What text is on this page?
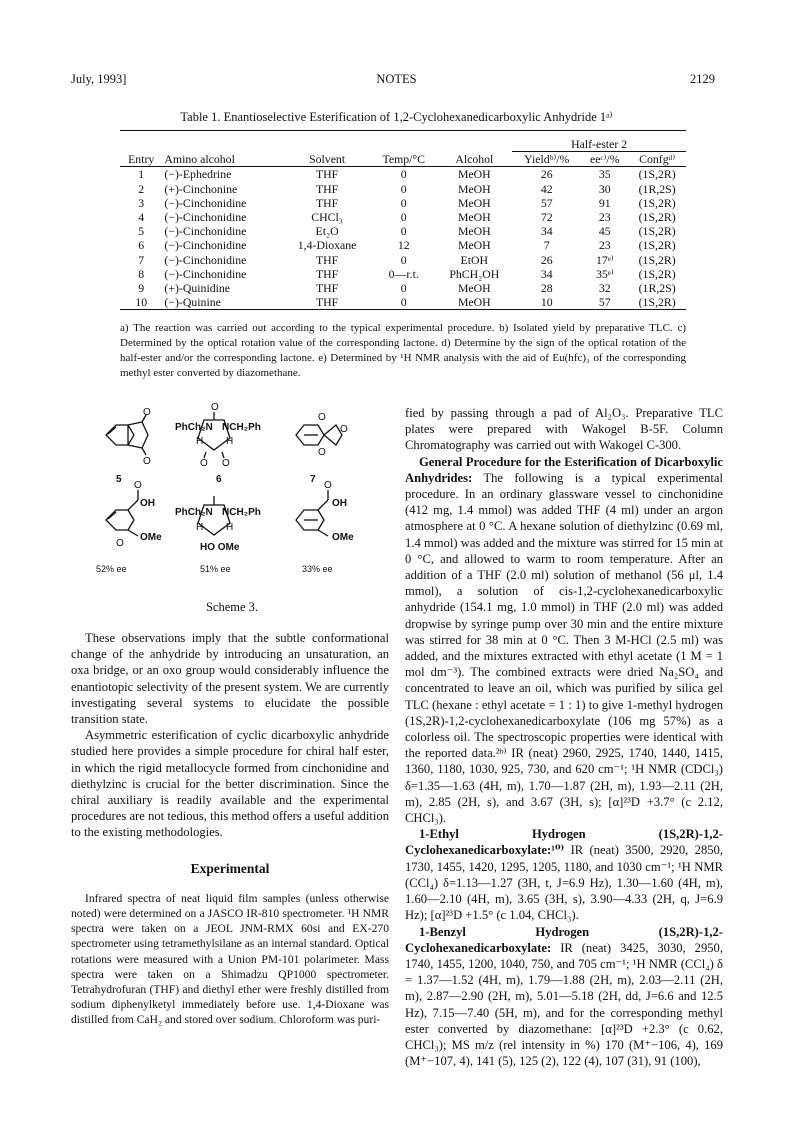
July, 1993]	NOTES	2129
Table 1. Enantioselective Esterification of 1,2-Cyclohexanedicarboxylic Anhydride 1ᵃ⁾

					Half-ester 2		
Entry	Amino alcohol	Solvent	Temp/°C	Alcohol	Yieldᵇ⁾/%	eeᶜ⁾/%	Confgᵈ⁾
1	(−)-Ephedrine	THF	0	MeOH	26	35	(1S,2R)
2	(+)-Cinchonine	THF	0	MeOH	42	30	(1R,2S)
3	(−)-Cinchonidine	THF	0	MeOH	57	91	(1S,2R)
4	(−)-Cinchonidine	CHCl₃	0	MeOH	72	23	(1S,2R)
5	(−)-Cinchonidine	Et₂O	0	MeOH	34	45	(1S,2R)
6	(−)-Cinchonidine	1,4-Dioxane	12	MeOH	7	23	(1S,2R)
7	(−)-Cinchonidine	THF	0	EtOH	26	17ᵉ⁾	(1S,2R)
8	(−)-Cinchonidine	THF	0—r.t.	PhCH₂OH	34	35ᵉ⁾	(1S,2R)
9	(+)-Quinidine	THF	0	MeOH	28	32	(1R,2S)
10	(−)-Quinine	THF	0	MeOH	10	57	(1S,2R)
a) The reaction was carried out according to the typical experimental procedure. b) Isolated yield by preparative TLC. c) Determined by the optical rotation value of the corresponding lactone. d) Determine by the sign of the optical rotation of the half-ester and/or the corresponding lactone. e) Determined by ¹H NMR analysis with the aid of Eu(hfc)₃ of the corresponding methyl ester converted by diazomethane.
O
O
O
PhCh₂N NCH₂Ph
H H
O O
O
O
O
5	6	7
O
OH
OMe
O
PhCh₂N NCH₂Ph
H H
HO OMe
O
OH
OMe
52% ee	51% ee	33% ee
Scheme 3.

These observations imply that the subtle conformational change of the anhydride by introducing an unsaturation, an oxa bridge, or an oxo group would considerably influence the enantiotopic selectivity of the present system. We are currently investigating several systems to elucidate the possible transition state.

Asymmetric esterification of cyclic dicarboxylic anhydride studied here provides a simple procedure for chiral half ester, in which the rigid metallocycle formed from cinchonidine and diethylzinc is crucial for the better discrimination. Since the chiral auxiliary is readily available and the experimental procedures are not tedious, this method offers a useful addition to the existing methodologies.

Experimental

Infrared spectra of neat liquid film samples (unless otherwise noted) were determined on a JASCO IR-810 spectrometer. ¹H NMR spectra were taken on a JEOL JNM-RMX 60si and EX-270 spectrometer using tetramethylsilane as an internal standard. Optical rotations were measured with a Union PM-101 polarimeter. Mass spectra were taken on a Shimadzu QP1000 spectrometer. Tetrahydrofuran (THF) and diethyl ether were freshly distilled from sodium diphenylketyl immediately before use. 1,4-Dioxane was distilled from CaH₂ and stored over sodium. Chloroform was puri-

fied by passing through a pad of Al₂O₃. Preparative TLC plates were prepared with Wakogel B-5F. Column Chromatography was carried out with Wakogel C-300.

General Procedure for the Esterification of Dicarboxylic Anhydrides: The following is a typical experimental procedure. In an ordinary glassware vessel to cinchonidine (412 mg, 1.4 mmol) was added THF (4 ml) under an argon atmosphere at 0 °C. A hexane solution of diethylzinc (0.69 ml, 1.4 mmol) was added and the mixture was stirred for 15 min at 0 °C, and allowed to warm to room temperature. After an addition of a THF (2.0 ml) solution of methanol (56 μl, 1.4 mmol), a solution of cis-1,2-cyclohexanedicarboxylic anhydride (154.1 mg, 1.0 mmol) in THF (2.0 ml) was added dropwise by syringe pump over 30 min and the entire mixture was stirred for 38 min at 0 °C. Then 3 M-HCl (2.5 ml) was added, and the mixtures extracted with ethyl acetate (1 M = 1 mol dm⁻³). The combined extracts were dried Na₂SO₄ and concentrated to leave an oil, which was purified by silica gel TLC (hexane : ethyl acetate = 1 : 1) to give 1-methyl hydrogen (1S,2R)-1,2-cyclohexanedicarboxylate (106 mg 57%) as a colorless oil. The spectroscopic properties were identical with the reported data.²ᵇ⁾ IR (neat) 2960, 2925, 1740, 1440, 1415, 1360, 1180, 1030, 925, 730, and 620 cm⁻¹; ¹H NMR (CDCl₃) δ=1.35—1.63 (4H, m), 1.70—1.87 (2H, m), 1.93—2.11 (2H, m), 2.85 (2H, s), and 3.67 (3H, s); [α]²³D +3.7° (c 2.12, CHCl₃).

1-Ethyl Hydrogen (1S,2R)-1,2-Cyclohexanedicarboxylate:¹⁰⁾ IR (neat) 3500, 2920, 2850, 1730, 1455, 1420, 1295, 1205, 1180, and 1030 cm⁻¹; ¹H NMR (CCl₄) δ=1.13—1.27 (3H, t, J=6.9 Hz), 1.30—1.60 (4H, m), 1.60—2.10 (4H, m), 3.65 (3H, s), 3.90—4.33 (2H, q, J=6.9 Hz); [α]²³D +1.5° (c 1.04, CHCl₃).

1-Benzyl Hydrogen (1S,2R)-1,2-Cyclohexanedicarboxylate: IR (neat) 3425, 3030, 2950, 1740, 1455, 1200, 1040, 750, and 705 cm⁻¹; ¹H NMR (CCl₄) δ = 1.37—1.52 (4H, m), 1.79—1.88 (2H, m), 2.03—2.11 (2H, m), 2.87—2.90 (2H, m), 5.01—5.18 (2H, dd, J=6.6 and 12.5 Hz), 7.15—7.40 (5H, m), and for the corresponding methyl ester converted by diazomethane: [α]²³D +2.3° (c 0.62, CHCl₃); MS m/z (rel intensity in %) 170 (M⁺−106, 4), 169 (M⁺−107, 4), 141 (5), 125 (2), 122 (4), 107 (31), 91 (100),
